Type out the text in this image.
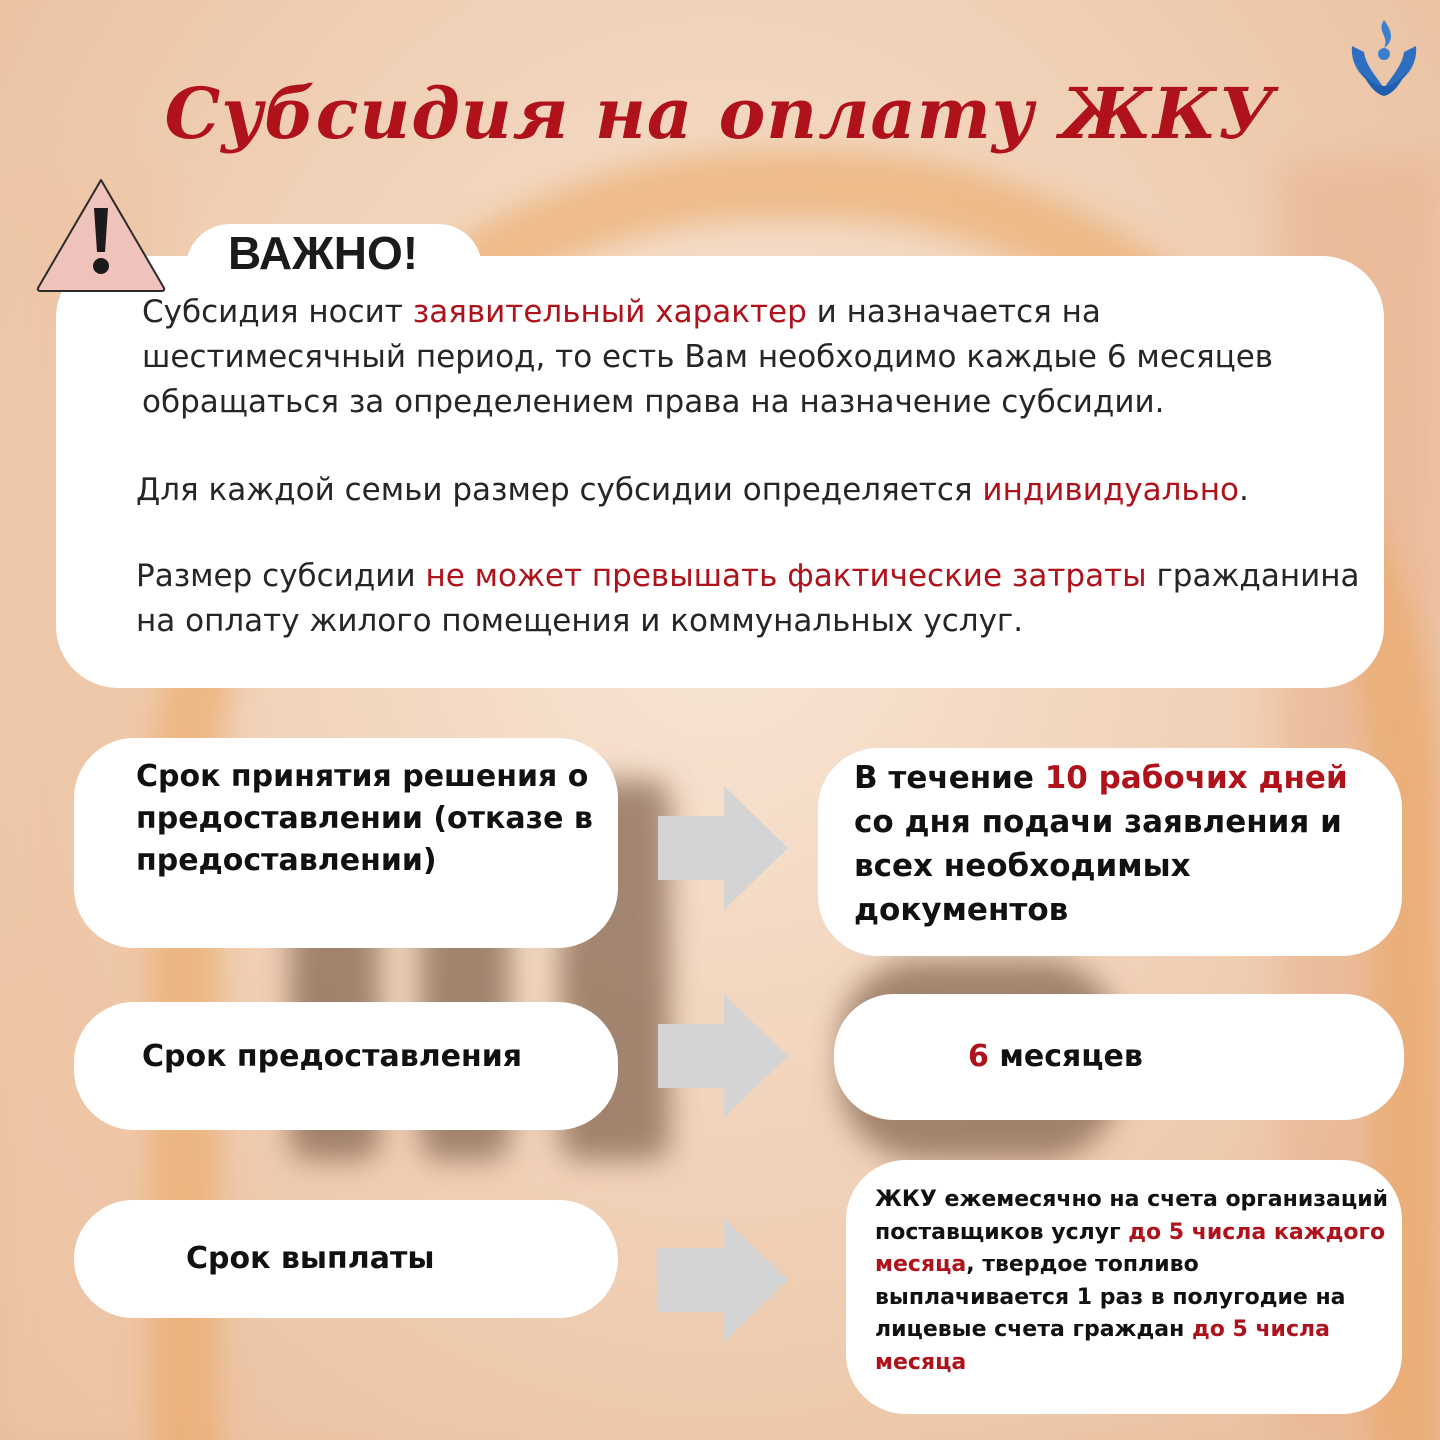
Субсидия на оплату ЖКУ
ВАЖНО!
Субсидия носит заявительный характер и назначается на шестимесячный период, то есть Вам необходимо каждые 6 месяцев обращаться за определением права на назначение субсидии.
Для каждой семьи размер субсидии определяется индивидуально.
Размер субсидии не может превышать фактические затраты гражданина на оплату жилого помещения и коммунальных услуг.
Срок принятия решения о предоставлении (отказе в предоставлении)
В течение 10 рабочих дней со дня подачи заявления и всех необходимых документов
Срок предоставления	6 месяцев
Срок выплаты
ЖКУ ежемесячно на счета организаций поставщиков услуг до 5 числа каждого месяца, твердое топливо выплачивается 1 раз в полугодие на лицевые счета граждан до 5 числа месяца
